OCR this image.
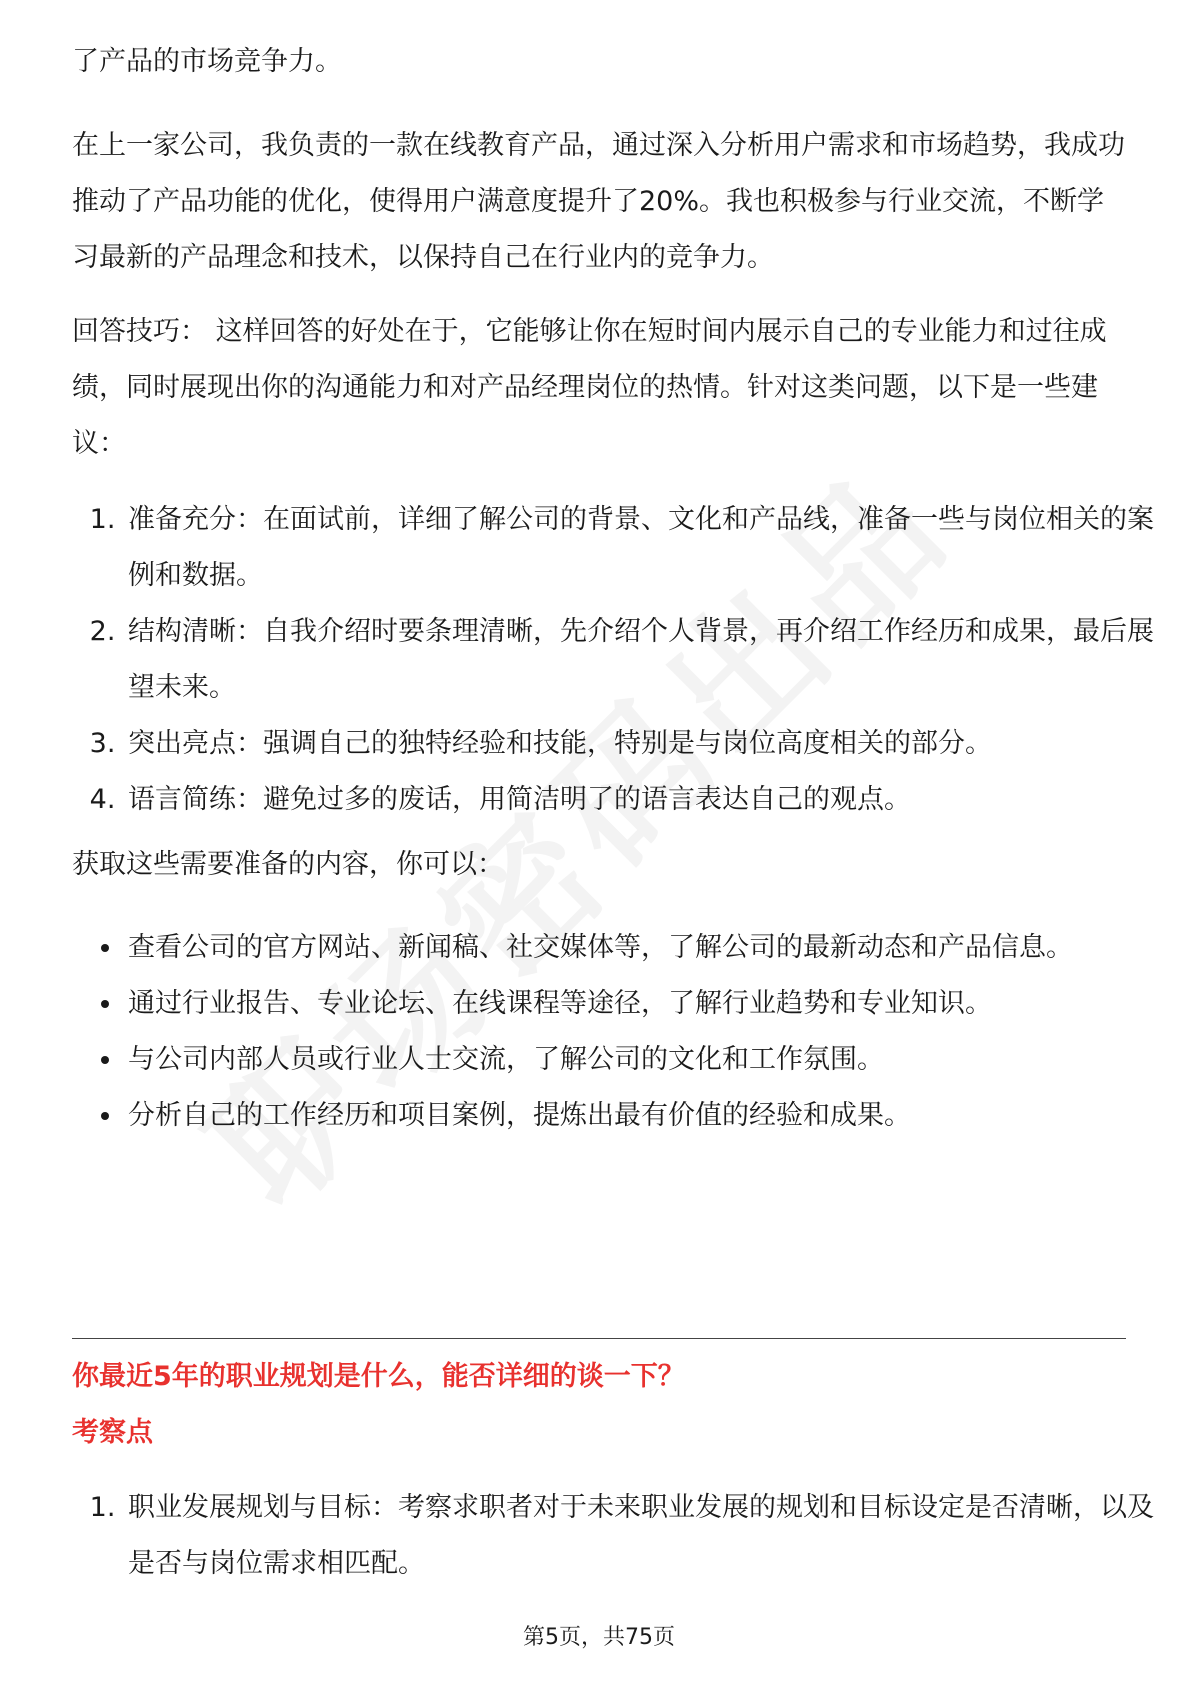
了产品的市场竞争力。

在上一家公司，我负责的一款在线教育产品，通过深入分析用户需求和市场趋势，我成功推动了产品功能的优化，使得用户满意度提升了20%。我也积极参与行业交流，不断学习最新的产品理念和技术，以保持自己在行业内的竞争力。

回答技巧： 这样回答的好处在于，它能够让你在短时间内展示自己的专业能力和过往成绩，同时展现出你的沟通能力和对产品经理岗位的热情。针对这类问题，以下是一些建议：

1. 准备充分：在面试前，详细了解公司的背景、文化和产品线，准备一些与岗位相关的案例和数据。
2. 结构清晰：自我介绍时要条理清晰，先介绍个人背景，再介绍工作经历和成果，最后展望未来。
3. 突出亮点：强调自己的独特经验和技能，特别是与岗位高度相关的部分。
4. 语言简练：避免过多的废话，用简洁明了的语言表达自己的观点。

获取这些需要准备的内容，你可以：

• 查看公司的官方网站、新闻稿、社交媒体等，了解公司的最新动态和产品信息。
• 通过行业报告、专业论坛、在线课程等途径，了解行业趋势和专业知识。
• 与公司内部人员或行业人士交流，了解公司的文化和工作氛围。
• 分析自己的工作经历和项目案例，提炼出最有价值的经验和成果。
你最近5年的职业规划是什么，能否详细的谈一下？
考察点
1. 职业发展规划与目标：考察求职者对于未来职业发展的规划和目标设定是否清晰，以及是否与岗位需求相匹配。
第5页，共75页
